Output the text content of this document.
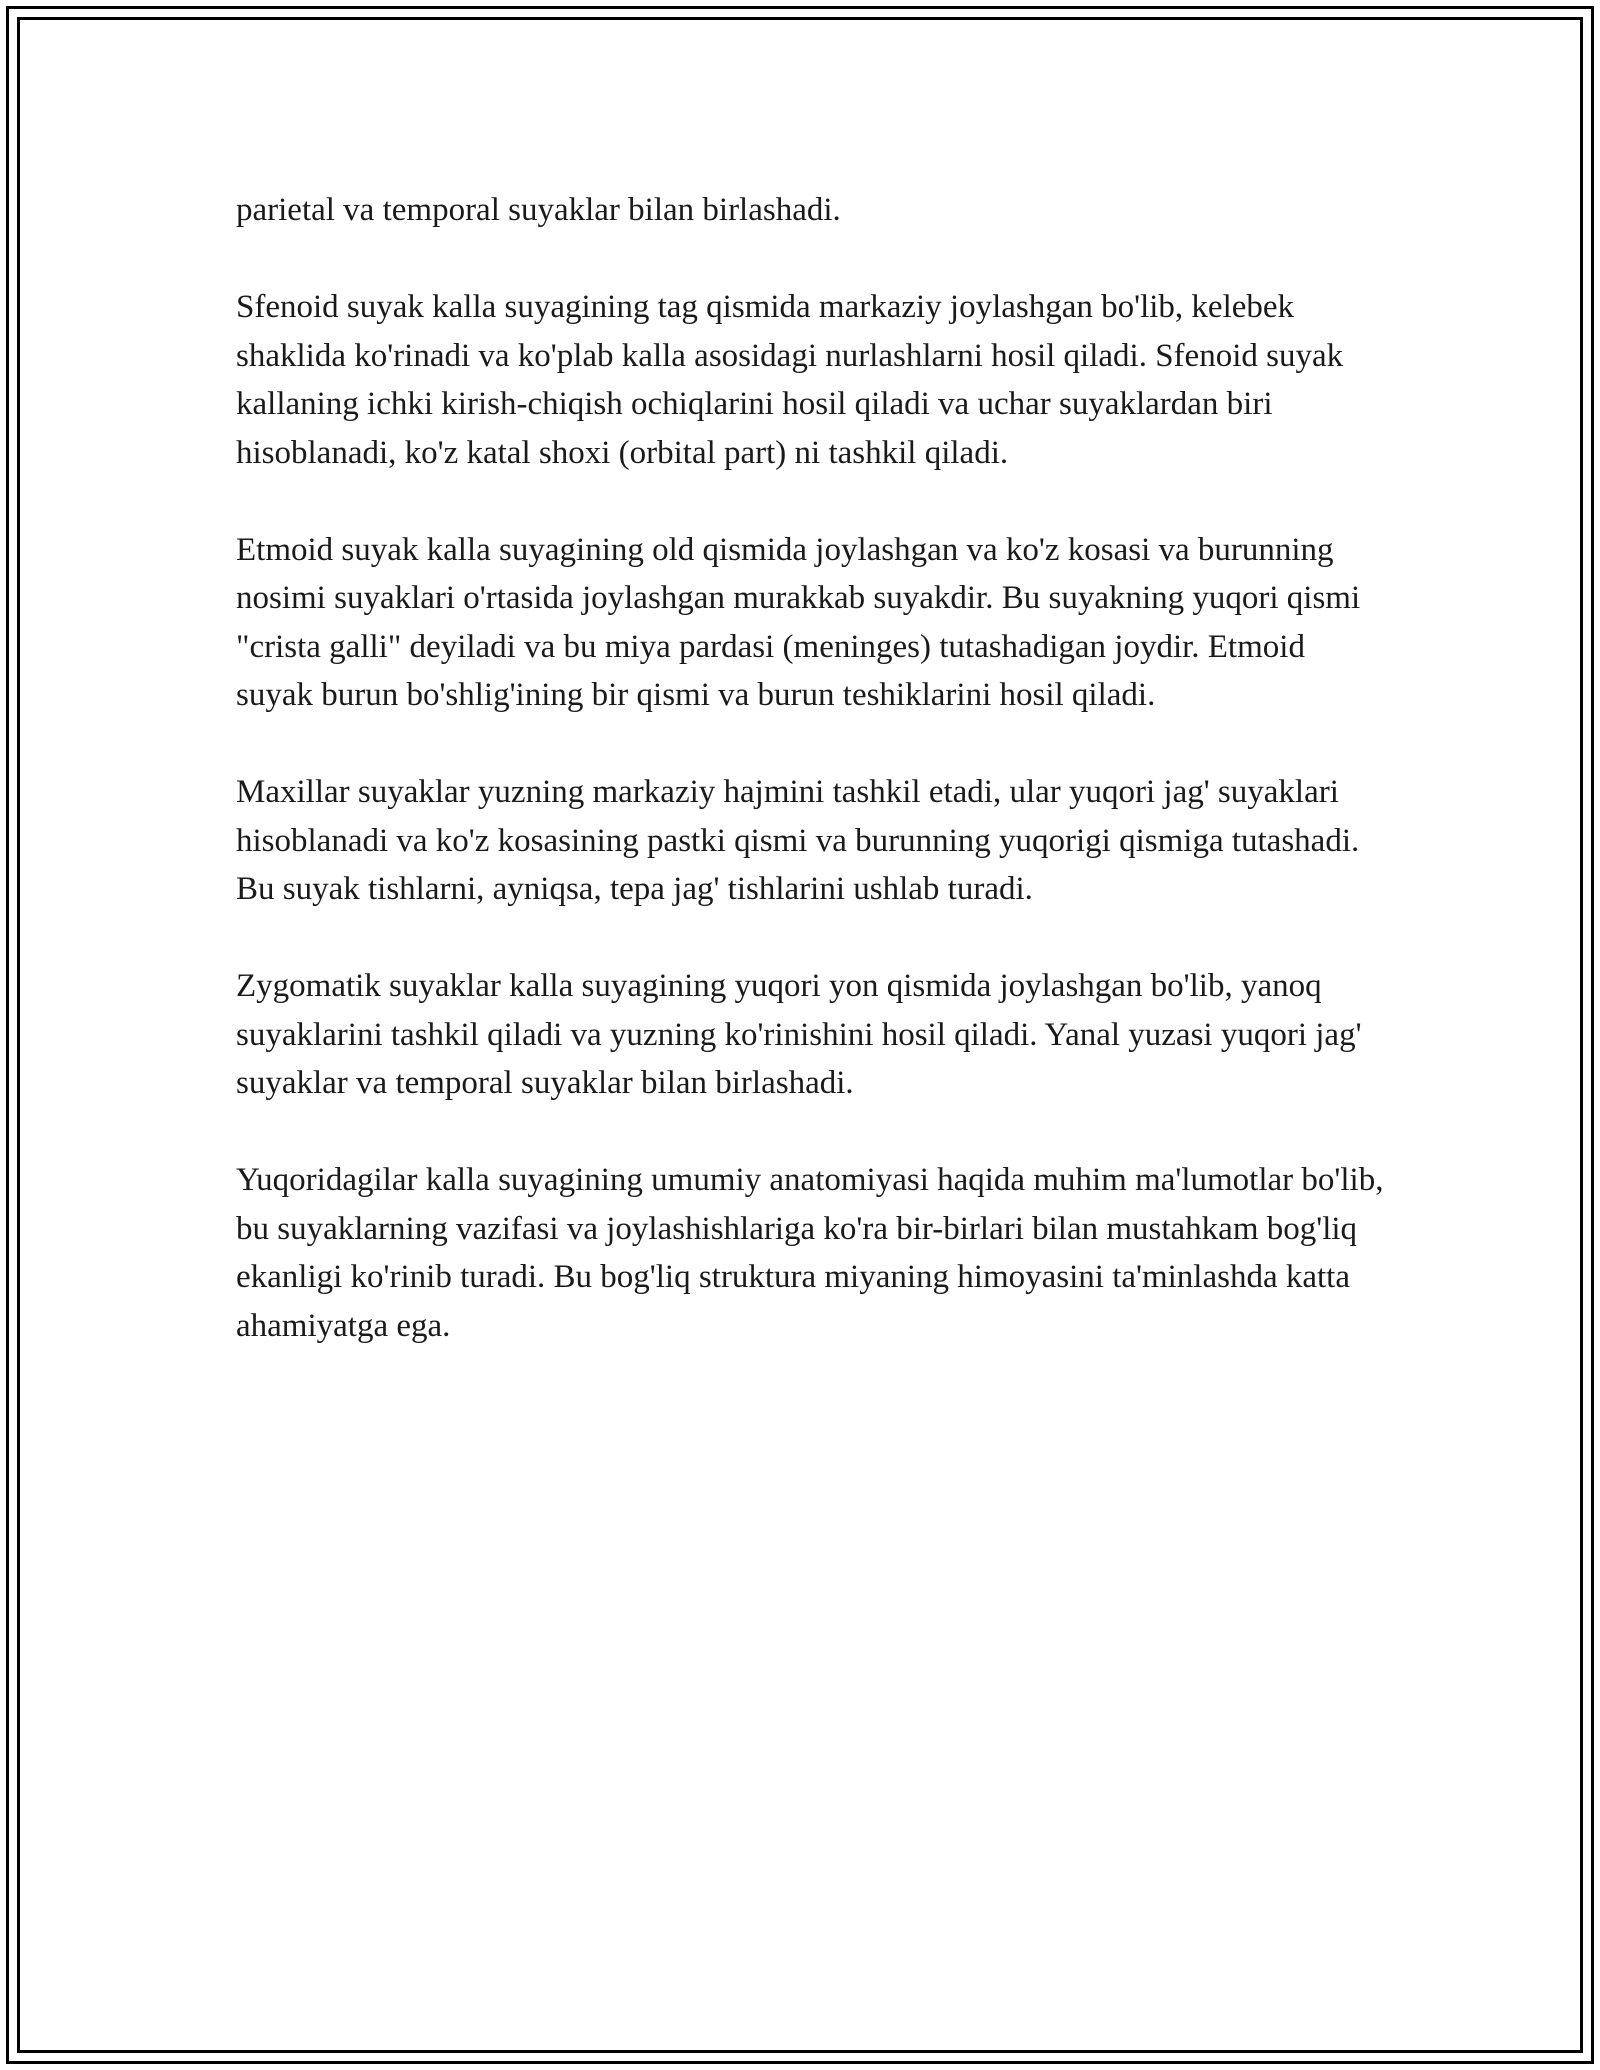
parietal va temporal suyaklar bilan birlashadi.

Sfenoid suyak kalla suyagining tag qismida markaziy joylashgan bo'lib, kelebek shaklida ko'rinadi va ko'plab kalla asosidagi nurlashlarni hosil qiladi. Sfenoid suyak kallaning ichki kirish-chiqish ochiqlarini hosil qiladi va uchar suyaklardan biri hisoblanadi, ko'z katal shoxi (orbital part) ni tashkil qiladi.

Etmoid suyak kalla suyagining old qismida joylashgan va ko'z kosasi va burunning nosimi suyaklari o'rtasida joylashgan murakkab suyakdir. Bu suyakning yuqori qismi "crista galli" deyiladi va bu miya pardasi (meninges) tutashadigan joydir. Etmoid suyak burun bo'shlig'ining bir qismi va burun teshiklarini hosil qiladi.

Maxillar suyaklar yuzning markaziy hajmini tashkil etadi, ular yuqori jag' suyaklari hisoblanadi va ko'z kosasining pastki qismi va burunning yuqorigi qismiga tutashadi. Bu suyak tishlarni, ayniqsa, tepa jag' tishlarini ushlab turadi.

Zygomatik suyaklar kalla suyagining yuqori yon qismida joylashgan bo'lib, yanoq suyaklarini tashkil qiladi va yuzning ko'rinishini hosil qiladi. Yanal yuzasi yuqori jag' suyaklar va temporal suyaklar bilan birlashadi.

Yuqoridagilar kalla suyagining umumiy anatomiyasi haqida muhim ma'lumotlar bo'lib, bu suyaklarning vazifasi va joylashishlariga ko'ra bir-birlari bilan mustahkam bog'liq ekanligi ko'rinib turadi. Bu bog'liq struktura miyaning himoyasini ta'minlashda katta ahamiyatga ega.
